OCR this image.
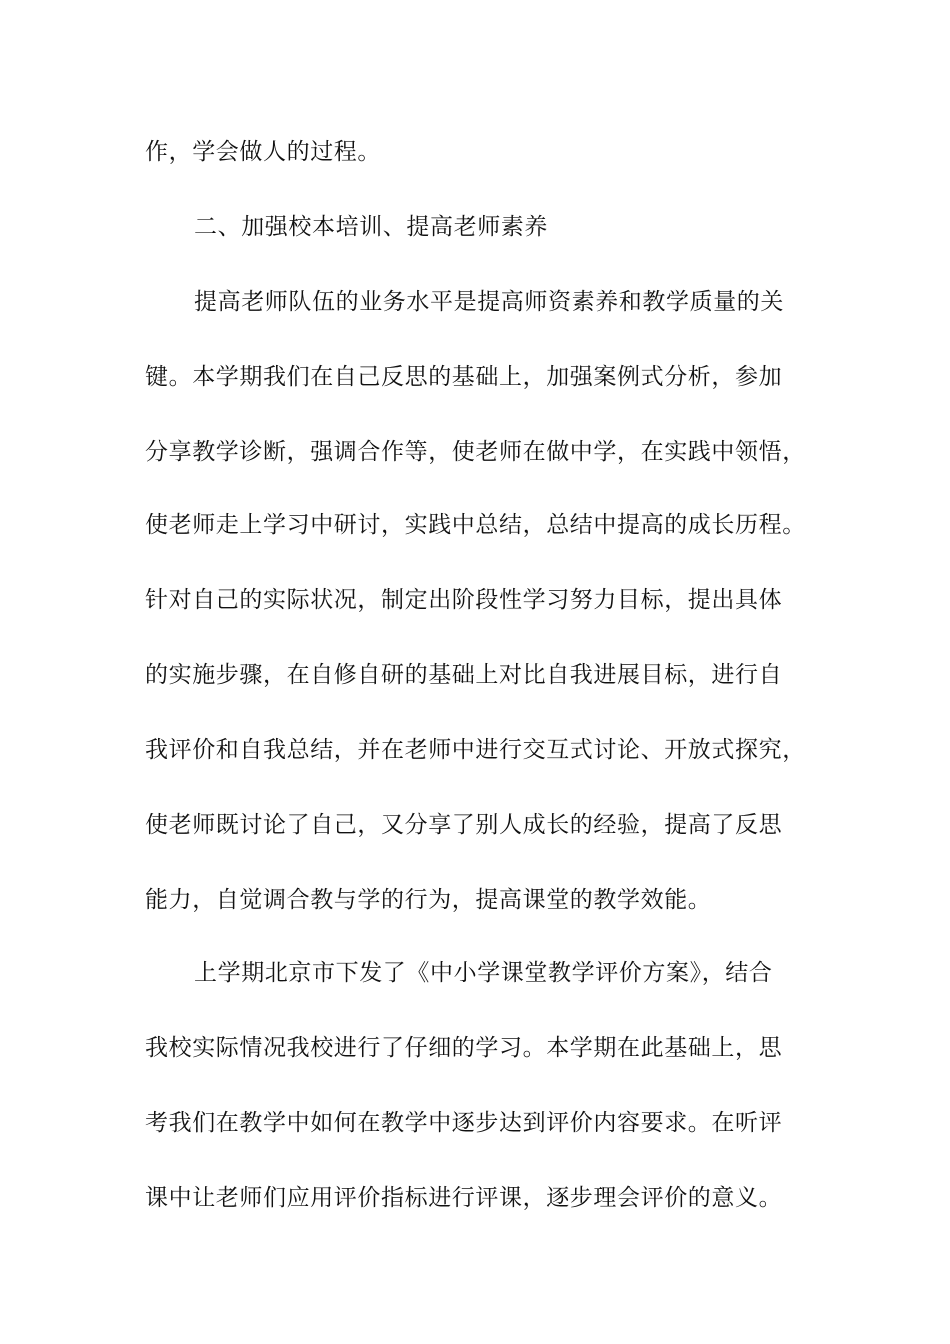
作，学会做人的过程。
二、加强校本培训、提高老师素养
提高老师队伍的业务水平是提高师资素养和教学质量的关
键。本学期我们在自己反思的基础上，加强案例式分析，参加
分享教学诊断，强调合作等，使老师在做中学，在实践中领悟，
使老师走上学习中研讨，实践中总结，总结中提高的成长历程。
针对自己的实际状况，制定出阶段性学习努力目标，提出具体
的实施步骤，在自修自研的基础上对比自我进展目标，进行自
我评价和自我总结，并在老师中进行交互式讨论、开放式探究，
使老师既讨论了自己，又分享了别人成长的经验，提高了反思
能力，自觉调合教与学的行为，提高课堂的教学效能。
上学期北京市下发了《中小学课堂教学评价方案》，结合
我校实际情况我校进行了仔细的学习。本学期在此基础上，思
考我们在教学中如何在教学中逐步达到评价内容要求。在听评
课中让老师们应用评价指标进行评课，逐步理会评价的意义。
